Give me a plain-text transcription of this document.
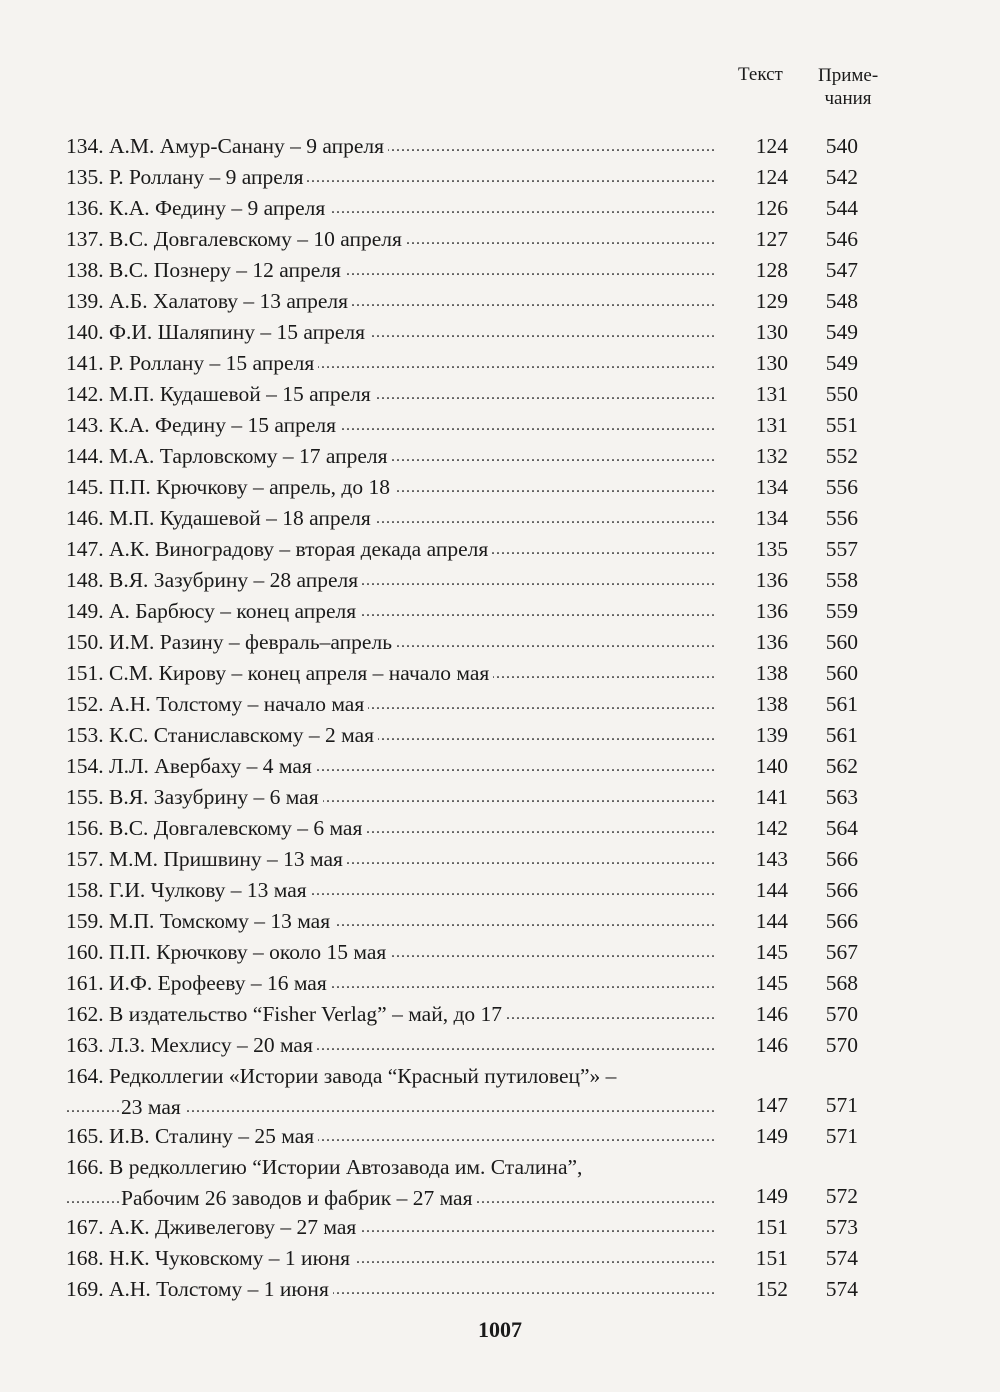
Текст Приме-
чания
134. А.М. Амур-Санану – 9 апреля .....	124	540
135. Р. Роллану – 9 апреля .....	124	542
136. К.А. Федину – 9 апреля .....	126	544
137. В.С. Довгалевскому – 10 апреля .....	127	546
138. В.С. Познеру – 12 апреля .....	128	547
139. А.Б. Халатову – 13 апреля .....	129	548
140. Ф.И. Шаляпину – 15 апреля .....	130	549
141. Р. Роллану – 15 апреля .....	130	549
142. М.П. Кудашевой – 15 апреля .....	131	550
143. К.А. Федину – 15 апреля .....	131	551
144. М.А. Тарловскому – 17 апреля .....	132	552
145. П.П. Крючкову – апрель, до 18 .....	134	556
146. М.П. Кудашевой – 18 апреля .....	134	556
147. А.К. Виноградову – вторая декада апреля .....	135	557
148. В.Я. Зазубрину – 28 апреля .....	136	558
149. А. Барбюсу – конец апреля .....	136	559
150. И.М. Разину – февраль–апрель .....	136	560
151. С.М. Кирову – конец апреля – начало мая .....	138	560
152. А.Н. Толстому – начало мая .....	138	561
153. К.С. Станиславскому – 2 мая .....	139	561
154. Л.Л. Авербаху – 4 мая .....	140	562
155. В.Я. Зазубрину – 6 мая .....	141	563
156. В.С. Довгалевскому – 6 мая .....	142	564
157. М.М. Пришвину – 13 мая .....	143	566
158. Г.И. Чулкову – 13 мая .....	144	566
159. М.П. Томскому – 13 мая .....	144	566
160. П.П. Крючкову – около 15 мая .....	145	567
161. И.Ф. Ерофееву – 16 мая .....	145	568
162. В издательство “Fisher Verlag” – май, до 17 .....	146	570
163. Л.З. Мехлису – 20 мая .....	146	570
164. Редколлегии «Истории завода “Красный путиловец”» –
23 мая .....	147	571
165. И.В. Сталину – 25 мая .....	149	571
166. В редколлегию “Истории Автозавода им. Сталина”,
Рабочим 26 заводов и фабрик – 27 мая .....	149	572
167. А.К. Дживелегову – 27 мая .....	151	573
168. Н.К. Чуковскому – 1 июня .....	151	574
169. А.Н. Толстому – 1 июня .....	152	574
1007
